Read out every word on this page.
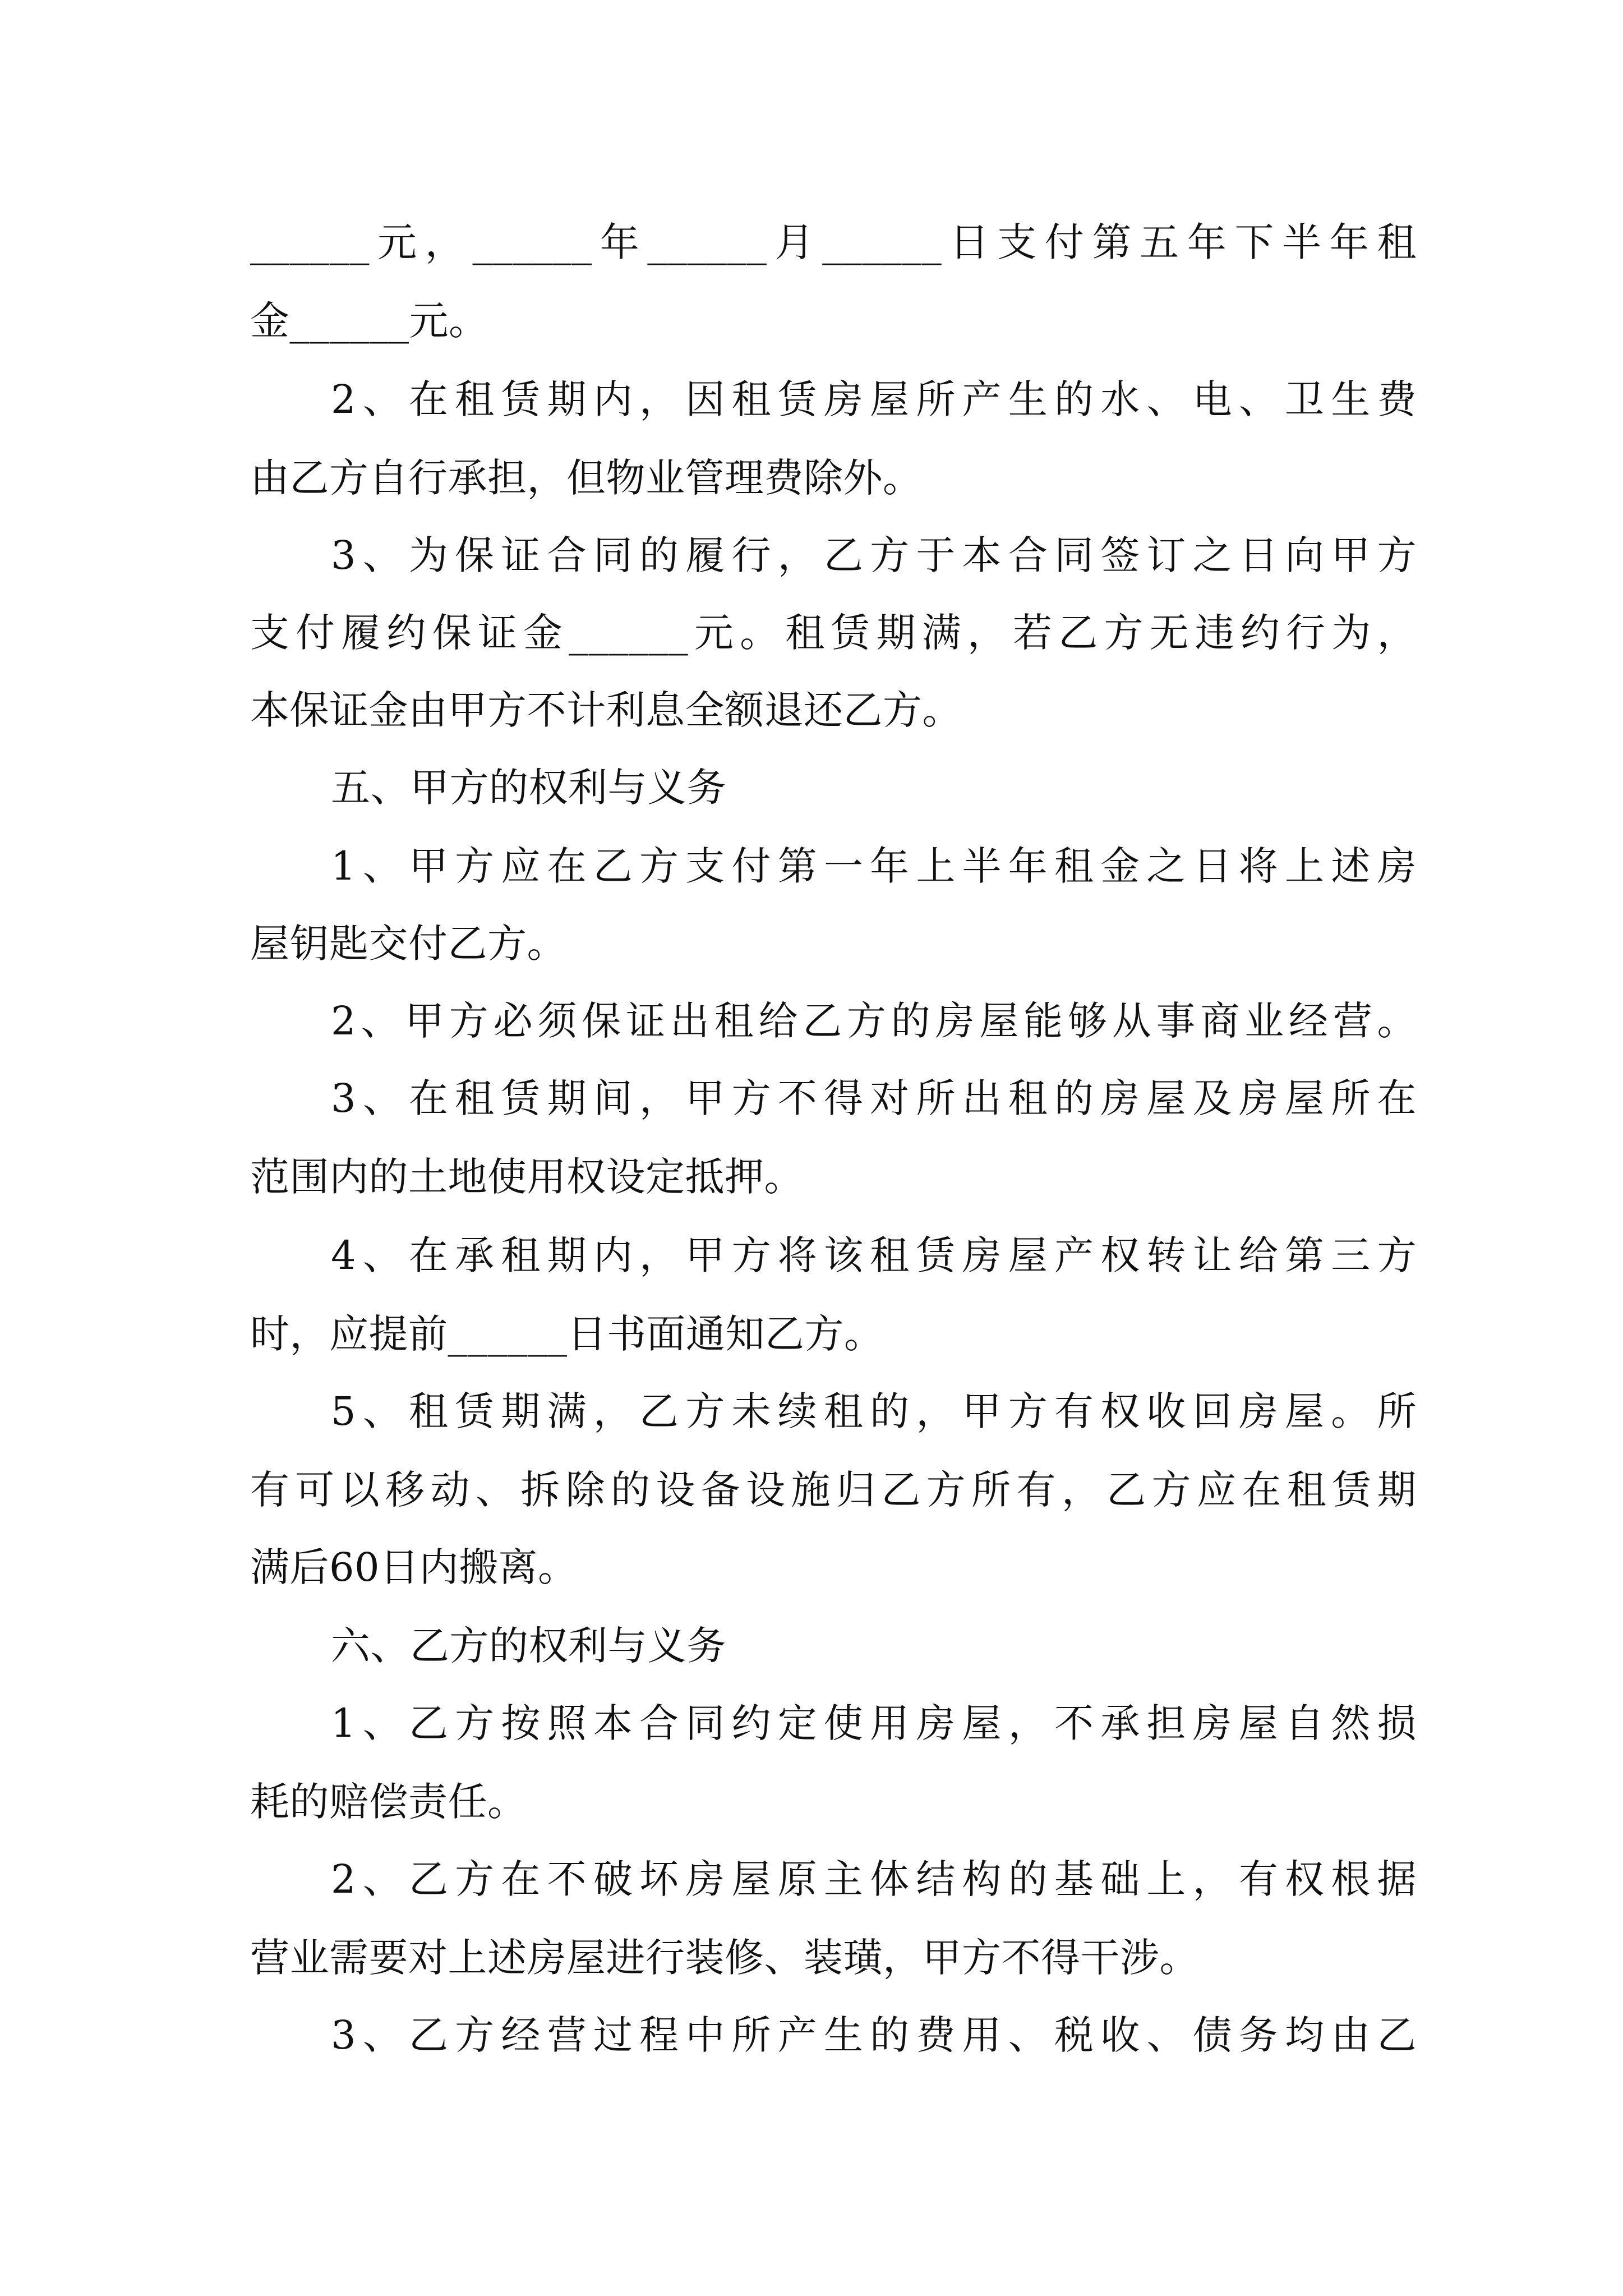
______元，______年______月______日支付第五年下半年租

金______元。

2、在租赁期内，因租赁房屋所产生的水、电、卫生费

由乙方自行承担，但物业管理费除外。

3、为保证合同的履行，乙方于本合同签订之日向甲方

支付履约保证金______元。租赁期满，若乙方无违约行为，

本保证金由甲方不计利息全额退还乙方。

五、甲方的权利与义务

1、甲方应在乙方支付第一年上半年租金之日将上述房

屋钥匙交付乙方。

2、甲方必须保证出租给乙方的房屋能够从事商业经营。

3、在租赁期间，甲方不得对所出租的房屋及房屋所在

范围内的土地使用权设定抵押。

4、在承租期内，甲方将该租赁房屋产权转让给第三方

时，应提前______日书面通知乙方。

5、租赁期满，乙方未续租的，甲方有权收回房屋。所

有可以移动、拆除的设备设施归乙方所有，乙方应在租赁期

满后60日内搬离。

六、乙方的权利与义务

1、乙方按照本合同约定使用房屋，不承担房屋自然损

耗的赔偿责任。

2、乙方在不破坏房屋原主体结构的基础上，有权根据

营业需要对上述房屋进行装修、装璜，甲方不得干涉。

3、乙方经营过程中所产生的费用、税收、债务均由乙
